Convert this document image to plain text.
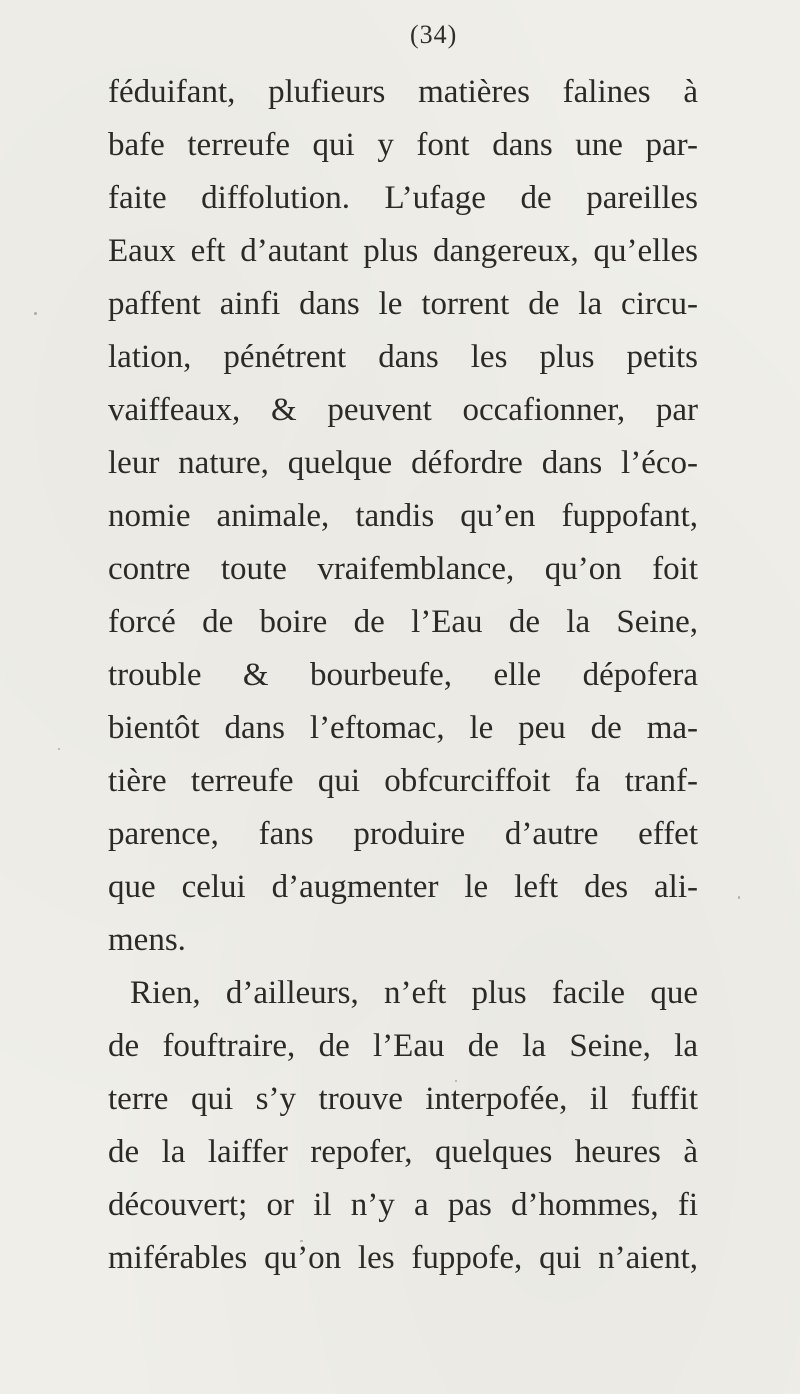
(34)
féduifant, plufieurs matières falines à
bafe terreufe qui y font dans une par-
faite diffolution. L’ufage de pareilles
Eaux eft d’autant plus dangereux, qu’elles
paffent ainfi dans le torrent de la circu-
lation, pénétrent dans les plus petits
vaiffeaux, & peuvent occafionner, par
leur nature, quelque défordre dans l’éco-
nomie animale, tandis qu’en fuppofant,
contre toute vraifemblance, qu’on foit
forcé de boire de l’Eau de la Seine,
trouble & bourbeufe, elle dépofera
bientôt dans l’eftomac, le peu de ma-
tière terreufe qui obfcurciffoit fa tranf-
parence, fans produire d’autre effet
que celui d’augmenter le left des ali-
mens.
Rien, d’ailleurs, n’eft plus facile que
de fouftraire, de l’Eau de la Seine, la
terre qui s’y trouve interpofée, il fuffit
de la laiffer repofer, quelques heures à
découvert; or il n’y a pas d’hommes, fi
miférables qu’on les fuppofe, qui n’aient,
